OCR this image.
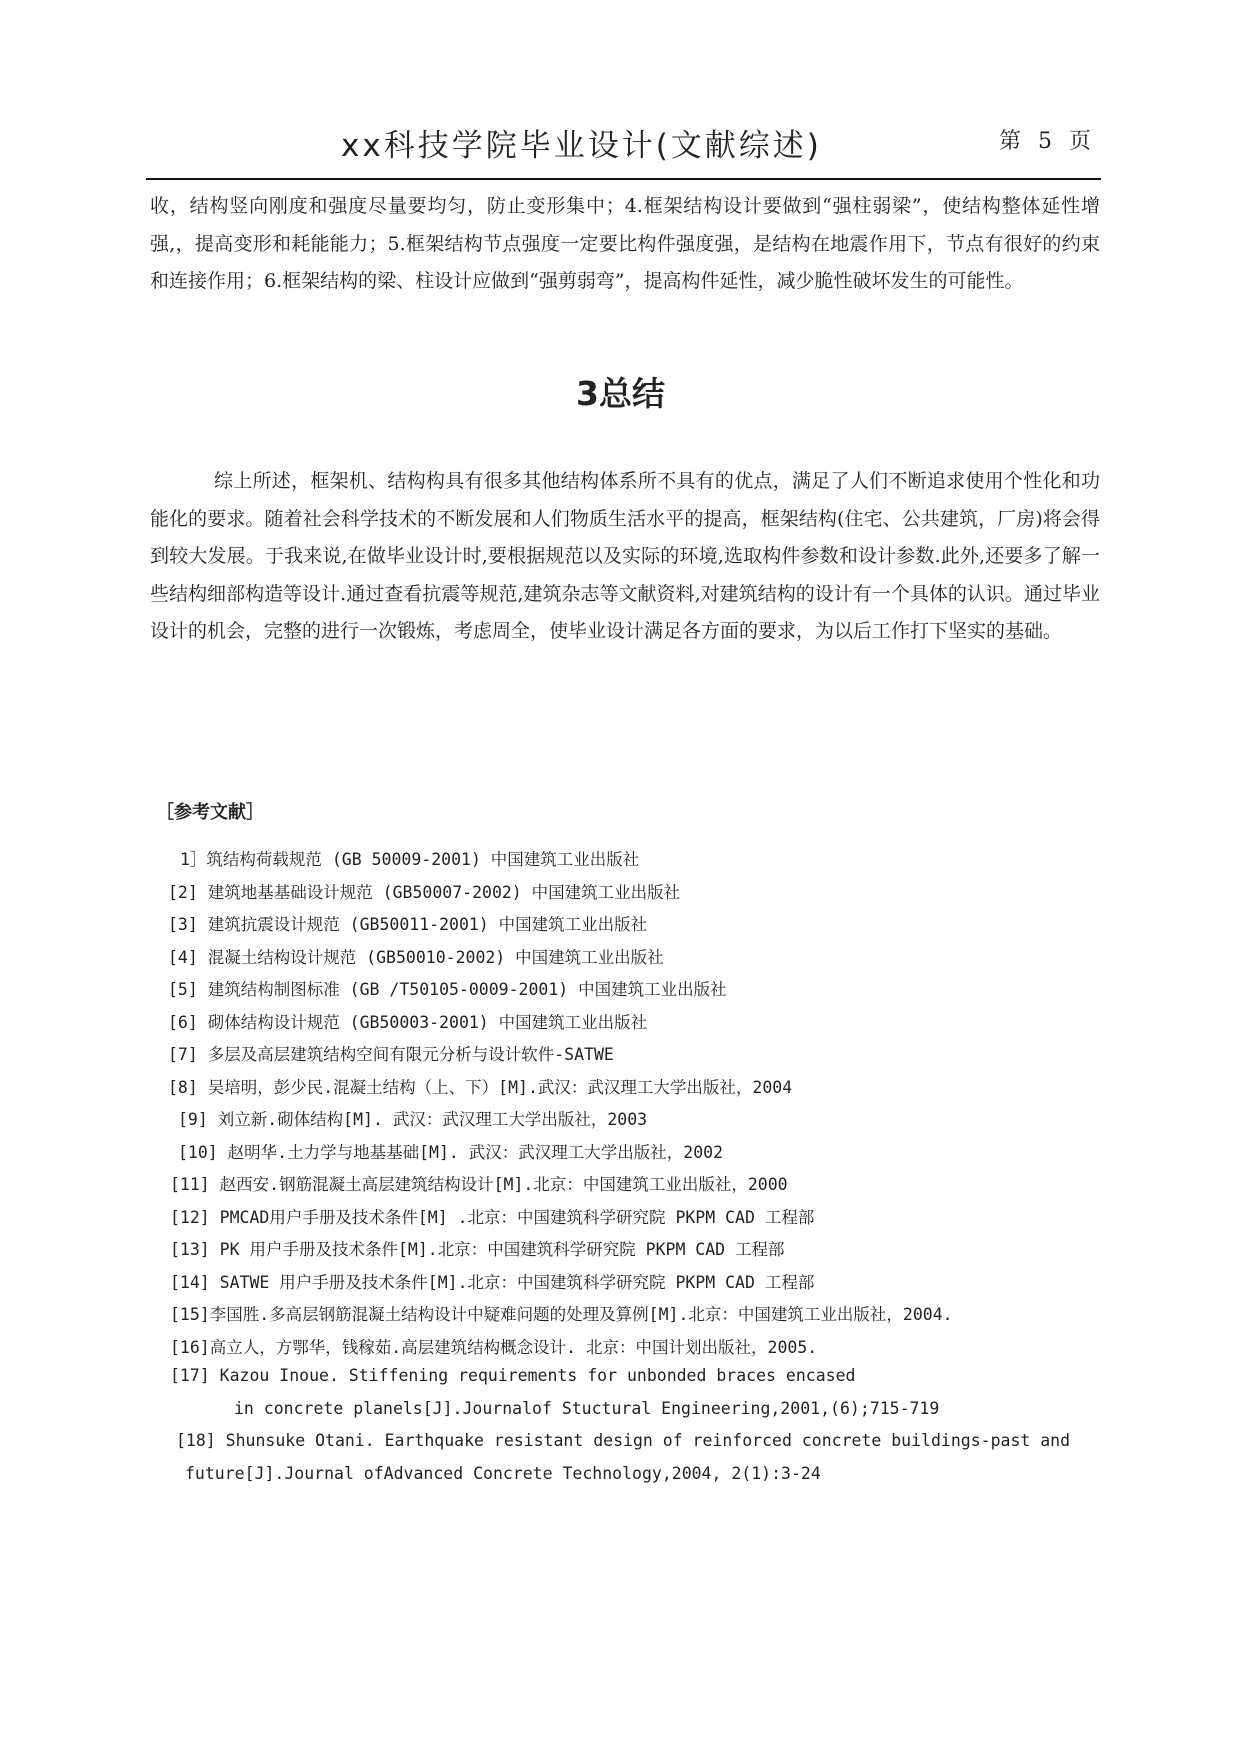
xx科技学院毕业设计(文献综述)	第 5 页

收，结构竖向刚度和强度尽量要均匀，防止变形集中；4.框架结构设计要做到“强柱弱梁”，使结构整体延性增强,，提高变形和耗能能力；5.框架结构节点强度一定要比构件强度强，是结构在地震作用下，节点有很好的约束和连接作用；6.框架结构的梁、柱设计应做到“强剪弱弯”，提高构件延性，减少脆性破坏发生的可能性。

3总结

综上所述，框架机、结构构具有很多其他结构体系所不具有的优点，满足了人们不断追求使用个性化和功能化的要求。随着社会科学技术的不断发展和人们物质生活水平的提高，框架结构(住宅、公共建筑，厂房)将会得到较大发展。于我来说,在做毕业设计时,要根据规范以及实际的环境,选取构件参数和设计参数.此外,还要多了解一些结构细部构造等设计.通过查看抗震等规范,建筑杂志等文献资料,对建筑结构的设计有一个具体的认识。通过毕业设计的机会，完整的进行一次锻炼，考虑周全，使毕业设计满足各方面的要求，为以后工作打下坚实的基础。

［参考文献］
1］筑结构荷载规范 (GB 50009-2001) 中国建筑工业出版社
[2] 建筑地基基础设计规范 (GB50007-2002) 中国建筑工业出版社
[3] 建筑抗震设计规范 (GB50011-2001) 中国建筑工业出版社
[4] 混凝土结构设计规范 (GB50010-2002) 中国建筑工业出版社
[5] 建筑结构制图标准 (GB /T50105-0009-2001) 中国建筑工业出版社
[6] 砌体结构设计规范 (GB50003-2001) 中国建筑工业出版社
[7] 多层及高层建筑结构空间有限元分析与设计软件-SATWE
[8] 吴培明，彭少民.混凝土结构（上、下）[M].武汉：武汉理工大学出版社，2004
[9] 刘立新.砌体结构[M]. 武汉：武汉理工大学出版社，2003
[10] 赵明华.土力学与地基基础[M]. 武汉：武汉理工大学出版社，2002
[11] 赵西安.钢筋混凝土高层建筑结构设计[M].北京：中国建筑工业出版社，2000
[12] PMCAD用户手册及技术条件[M] .北京：中国建筑科学研究院 PKPM CAD 工程部
[13] PK 用户手册及技术条件[M].北京：中国建筑科学研究院 PKPM CAD 工程部
[14] SATWE 用户手册及技术条件[M].北京：中国建筑科学研究院 PKPM CAD 工程部
[15]李国胜.多高层钢筋混凝土结构设计中疑难问题的处理及算例[M].北京：中国建筑工业出版社，2004.
[16]高立人，方鄂华，钱稼茹.高层建筑结构概念设计. 北京：中国计划出版社，2005.
[17] Kazou Inoue. Stiffening requirements for unbonded braces encased
in concrete planels[J].Journalof Stuctural Engineering,2001,(6);715-719
[18] Shunsuke Otani. Earthquake resistant design of reinforced concrete buildings-past and
future[J].Journal ofAdvanced Concrete Technology,2004, 2(1):3-24
